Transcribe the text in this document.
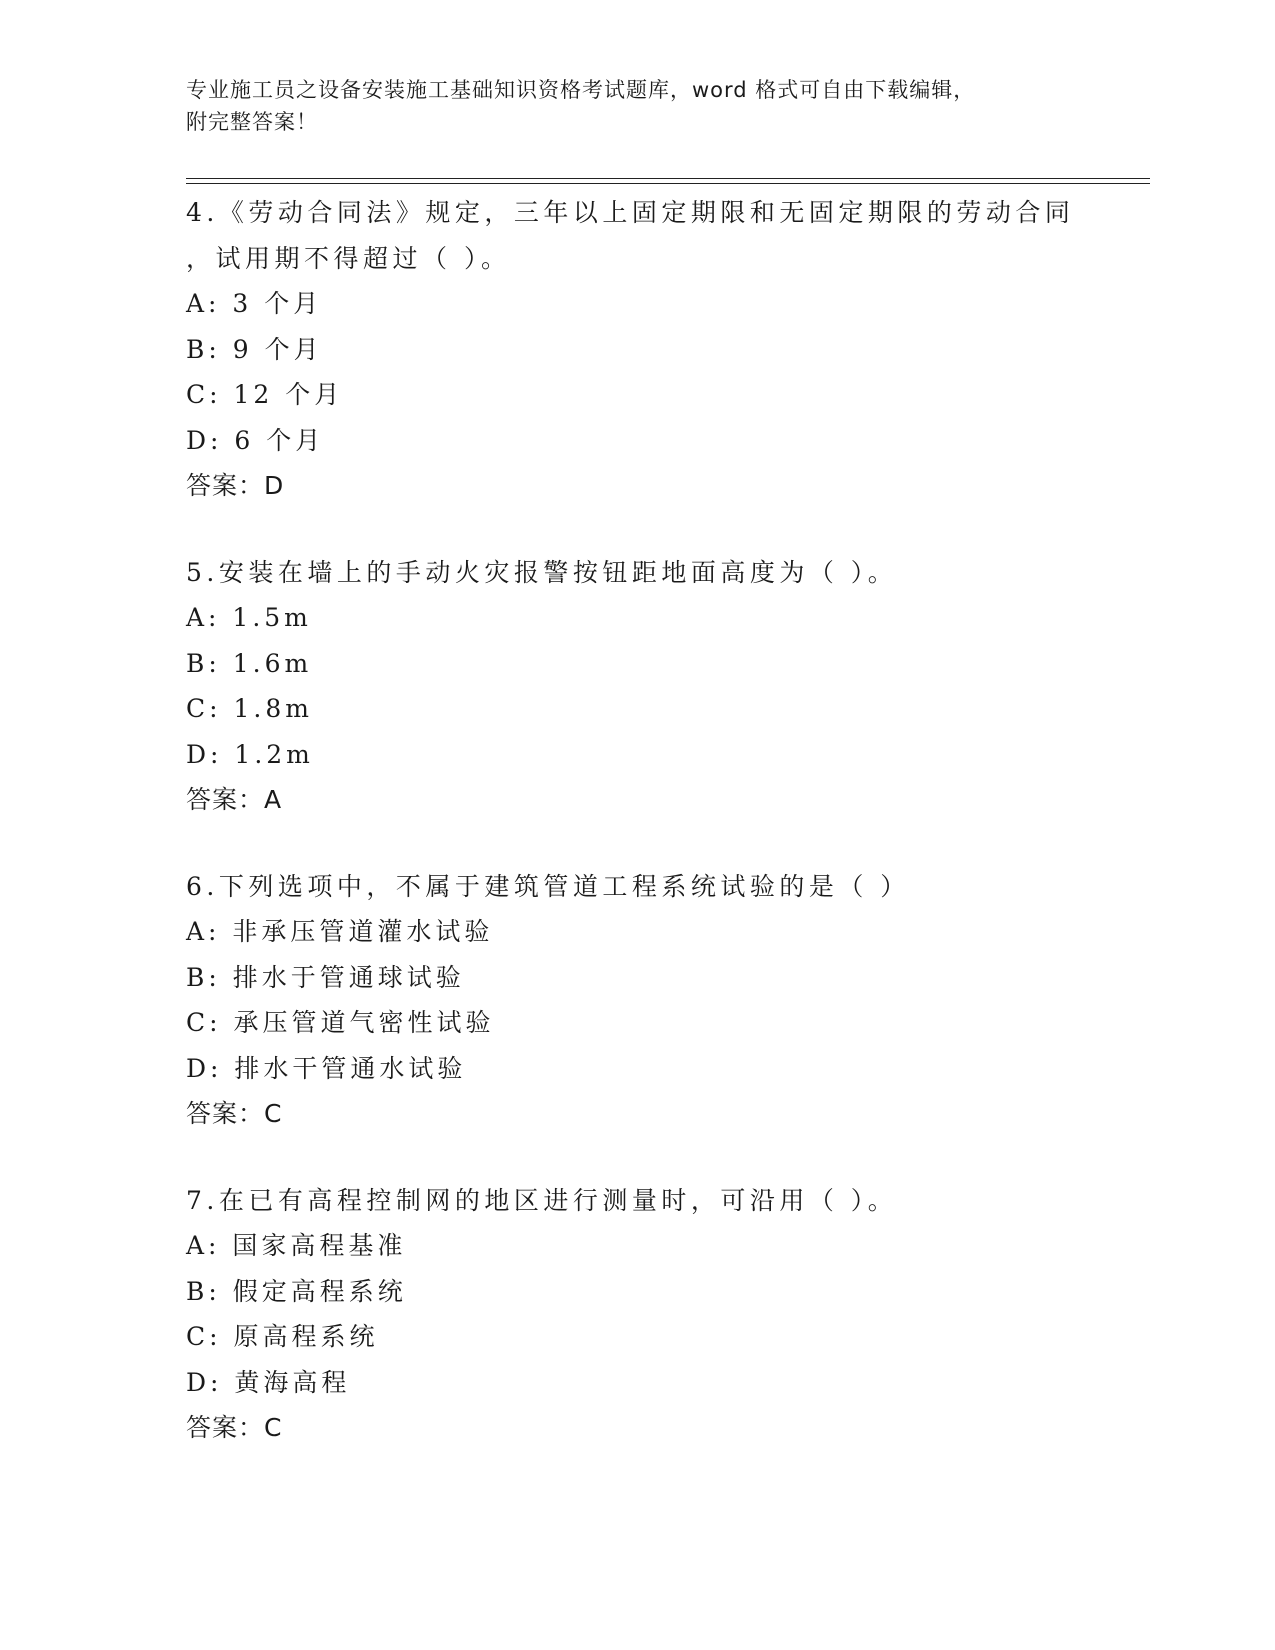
专业施工员之设备安装施工基础知识资格考试题库，word 格式可自由下载编辑，
附完整答案！
4.《劳动合同法》规定，三年以上固定期限和无固定期限的劳动合同
，试用期不得超过（ ）。
A: 3 个月
B: 9 个月
C: 12 个月
D: 6 个月
答案：D
5.安装在墙上的手动火灾报警按钮距地面高度为（ ）。
A: 1.5m
B: 1.6m
C: 1.8m
D: 1.2m
答案：A
6.下列选项中，不属于建筑管道工程系统试验的是（ ）
A: 非承压管道灌水试验
B: 排水于管通球试验
C: 承压管道气密性试验
D: 排水干管通水试验
答案：C
7.在已有高程控制网的地区进行测量时，可沿用（ ）。
A: 国家高程基准
B: 假定高程系统
C: 原高程系统
D: 黄海高程
答案：C
